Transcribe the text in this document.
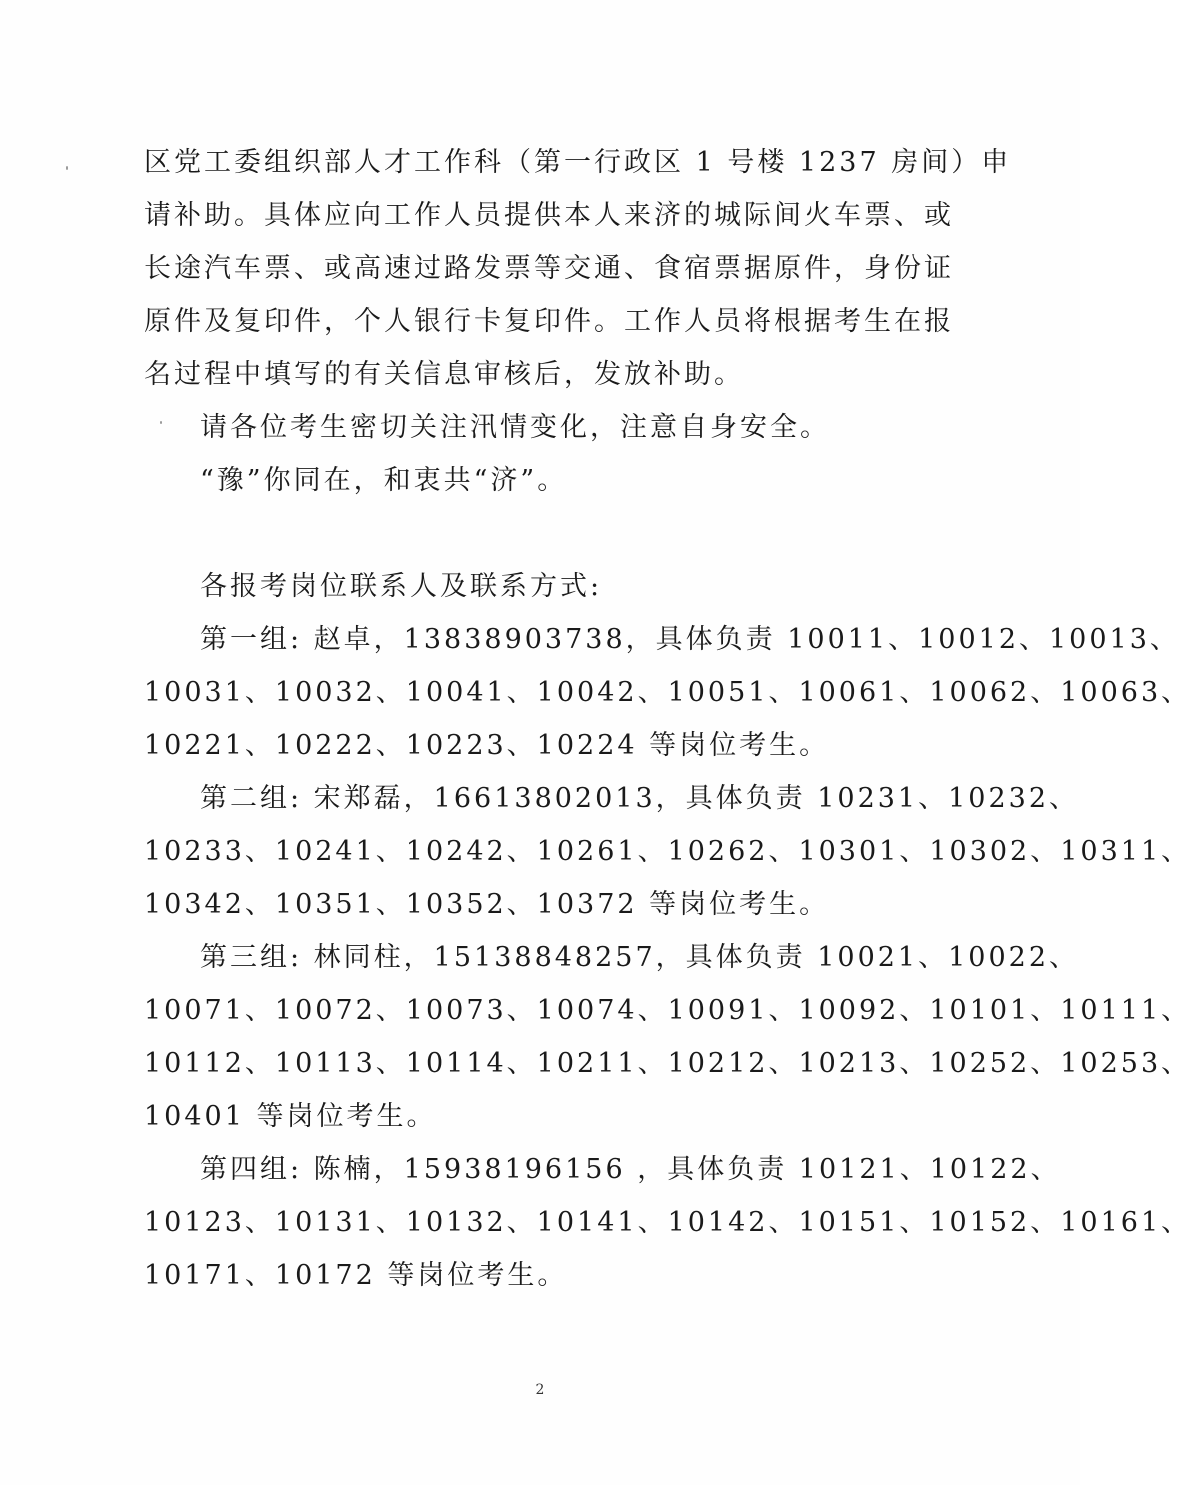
区党工委组织部人才工作科（第一行政区 1 号楼 1237 房间）申
请补助。具体应向工作人员提供本人来济的城际间火车票、或
长途汽车票、或高速过路发票等交通、食宿票据原件，身份证
原件及复印件，个人银行卡复印件。工作人员将根据考生在报
名过程中填写的有关信息审核后，发放补助。
请各位考生密切关注汛情变化，注意自身安全。
“豫”你同在，和衷共“济”。
各报考岗位联系人及联系方式:
第一组: 赵卓，13838903738，具体负责 10011、10012、10013、
10031、10032、10041、10042、10051、10061、10062、10063、
10221、10222、10223、10224 等岗位考生。
第二组: 宋郑磊，16613802013，具体负责 10231、10232、
10233、10241、10242、10261、10262、10301、10302、10311、
10342、10351、10352、10372 等岗位考生。
第三组: 林同柱，15138848257，具体负责 10021、10022、
10071、10072、10073、10074、10091、10092、10101、10111、
10112、10113、10114、10211、10212、10213、10252、10253、
10401 等岗位考生。
第四组: 陈楠，15938196156 ，具体负责 10121、10122、
10123、10131、10132、10141、10142、10151、10152、10161、
10171、10172 等岗位考生。
2
